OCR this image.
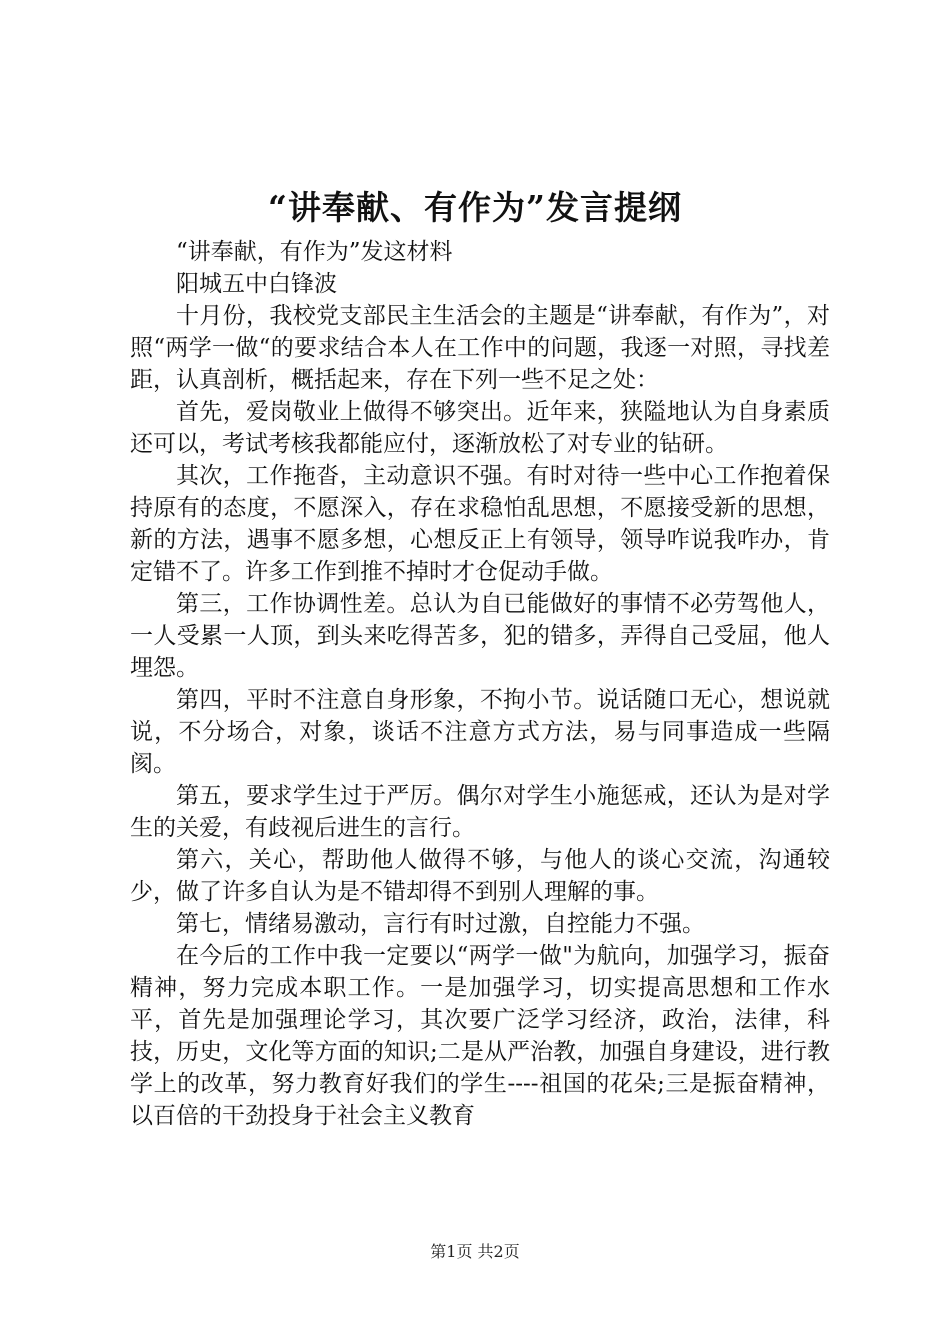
“讲奉献、有作为”发言提纲

“讲奉献，有作为”发这材料

阳城五中白锋波

十月份，我校党支部民主生活会的主题是“讲奉献，有作为”，对照“两学一做“的要求结合本人在工作中的问题，我逐一对照，寻找差距，认真剖析，概括起来，存在下列一些不足之处：

首先，爱岗敬业上做得不够突出。近年来，狭隘地认为自身素质还可以，考试考核我都能应付，逐渐放松了对专业的钻研。

其次，工作拖沓，主动意识不强。有时对待一些中心工作抱着保持原有的态度，不愿深入，存在求稳怕乱思想，不愿接受新的思想，新的方法，遇事不愿多想，心想反正上有领导，领导咋说我咋办，肯定错不了。许多工作到推不掉时才仓促动手做。

第三，工作协调性差。总认为自已能做好的事情不必劳驾他人，一人受累一人顶，到头来吃得苦多，犯的错多，弄得自己受屈，他人埋怨。

第四，平时不注意自身形象，不拘小节。说话随口无心，想说就说，不分场合，对象，谈话不注意方式方法，易与同事造成一些隔阂。

第五，要求学生过于严厉。偶尔对学生小施惩戒，还认为是对学生的关爱，有歧视后进生的言行。

第六，关心，帮助他人做得不够，与他人的谈心交流，沟通较少，做了许多自认为是不错却得不到别人理解的事。

第七，情绪易激动，言行有时过激，自控能力不强。

在今后的工作中我一定要以“两学一做"为航向，加强学习，振奋精神，努力完成本职工作。一是加强学习，切实提高思想和工作水平，首先是加强理论学习，其次要广泛学习经济，政治，法律，科技，历史，文化等方面的知识;二是从严治教，加强自身建设，进行教学上的改革，努力教育好我们的学生----祖国的花朵;三是振奋精神，以百倍的干劲投身于社会主义教育

第1页 共2页
